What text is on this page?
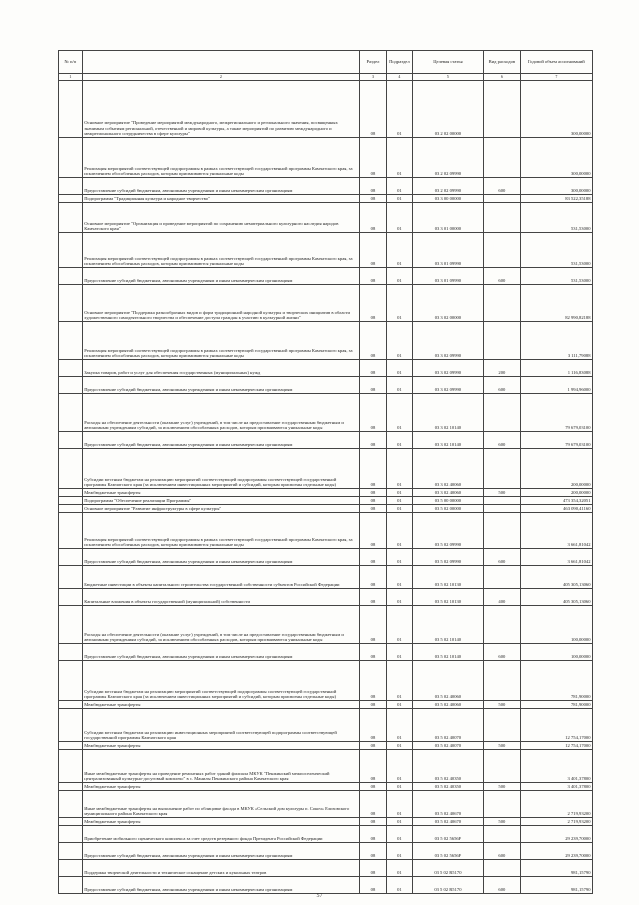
№ п/п		Раздел	Подраздел	Целевая статья	Вид расходов	Годовой объем ассигнований
1	2	3	4	5	6	7
	Основное мероприятие "Проведение мероприятий международного, межрегионального и регионального значения, посвященных значимым событиям региональной, отечественной и мировой культуры, а также мероприятий по развитию международного и межрегионального сотрудничества в сфере культуры"	08	01	03 2 02 00000		300,00000
	Реализация мероприятий соответствующей подпрограммы в рамках соответствующей государственной программы Камчатского края, за исключением обособленных расходов, которым присваиваются уникальные коды	08	01	03 2 02 09990		300,00000
	Предоставление субсидий бюджетным, автономным учреждениям и иным некоммерческим организациям	08	01	03 2 02 09990	600	300,00000
	Подпрограмма "Традиционная культура и народное творчество"	08	01	03 3 00 00000		83 522,35188
	Основное мероприятие "Организация и проведение мероприятий по сохранению нематериального культурного наследия народов Камчатского края"	08	01	03 3 01 00000		531,53000
	Реализация мероприятий соответствующей подпрограммы в рамках соответствующей государственной программы Камчатского края, за исключением обособленных расходов, которым присваиваются уникальные коды	08	01	03 3 01 09990		531,53000
	Предоставление субсидий бюджетным, автономным учреждениям и иным некоммерческим организациям	08	01	03 3 01 09990	600	531,53000
	Основное мероприятие "Поддержка разнообразных видов и форм традиционной народной культуры и творческих инициатив в области художественного самодеятельного творчества и обеспечение доступа граждан к участию в культурной жизни"	08	01	03 3 02 00000		82 990,82188
	Реализация мероприятий соответствующей подпрограммы в рамках соответствующей государственной программы Камчатского края, за исключением обособленных расходов, которым присваиваются уникальные коды	08	01	03 3 02 09990		3 111,79088
	Закупка товаров, работ и услуг для обеспечения государственных (муниципальных) нужд	08	01	03 3 02 09990	200	1 116,83088
	Предоставление субсидий бюджетным, автономным учреждениям и иным некоммерческим организациям	08	01	03 3 02 09990	600	1 994,96000
	Расходы на обеспечение деятельности (оказание услуг) учреждений, в том числе на предоставление государственным бюджетным и автономным учреждениям субсидий, за исключением обособленных расходов, которым присваиваются уникальные коды	08	01	03 3 02 10140		79 679,03100
	Предоставление субсидий бюджетным, автономным учреждениям и иным некоммерческим организациям	08	01	03 3 02 10140	600	79 679,03100
	Субсидии местным бюджетам на реализацию мероприятий соответствующей подпрограммы соответствующей государственной программы Камчатского края (за исключением инвестиционных мероприятий и субсидий, которым присвоены отдельные коды)	08	01	03 3 02 40060		200,00000
	Межбюджетные трансферты	08	01	03 3 02 40060	500	200,00000
	Подпрограмма "Обеспечение реализации Программы"	08	01	03 5 00 00000		473 354,32051
	Основное мероприятие "Развитие инфраструктуры в сфере культуры"	08	01	03 5 02 00000		463 090,41160
	Реализация мероприятий соответствующей подпрограммы в рамках соответствующей государственной программы Камчатского края, за исключением обособленных расходов, которым присваиваются уникальные коды	08	01	03 5 02 09990		3 661,81042
	Предоставление субсидий бюджетным, автономным учреждениям и иным некоммерческим организациям	08	01	03 5 02 09990	600	3 661,81042
	Бюджетные инвестиции в объекты капитального строительства государственной собственности субъектов Российской Федерации	08	01	03 5 02 10130		405 305,13060
	Капитальные вложения в объекты государственной (муниципальной) собственности	08	01	03 5 02 10130	400	405 305,13060
	Расходы на обеспечение деятельности (оказание услуг) учреждений, в том числе на предоставление государственным бюджетным и автономным учреждениям субсидий, за исключением обособленных расходов, которым присваиваются уникальные коды	08	01	03 5 02 10140		100,00000
	Предоставление субсидий бюджетным, автономным учреждениям и иным некоммерческим организациям	08	01	03 5 02 10140	600	100,00000
	Субсидии местным бюджетам на реализацию мероприятий соответствующей подпрограммы соответствующей государственной программы Камчатского края (за исключением инвестиционных мероприятий и субсидий, которым присвоены отдельные коды)	08	01	03 5 02 40060		781,90000
	Межбюджетные трансферты	08	01	03 5 02 40060	500	781,90000
	Субсидии местным бюджетам на реализацию инвестиционных мероприятий соответствующей подпрограммы соответствующей государственной программы Камчатского края	08	01	03 5 02 40070		12 754,17000
	Межбюджетные трансферты	08	01	03 5 02 40070	500	12 754,17000
	Иные межбюджетные трансферты на проведение ремонтных работ зданий филиала МКУК "Пенжинский межпоселенческий централизованный культурно-досуговый комплекс" в с. Манилы Пенжинского района Камчатского края	08	01	03 5 02 40350		3 401,37800
	Межбюджетные трансферты	08	01	03 5 02 40350	500	3 401,37800
	Иные межбюджетные трансферты на выполнение работ по облицовке фасада в МКУК «Сельский дом культуры п. Сокоч» Елизовского муниципального района Камчатского края	08	01	03 5 02 40670		2 719,93200
	Межбюджетные трансферты	08	01	03 5 02 40670	500	2 719,93200
	Приобретение мобильного сценического комплекса за счет средств резервного фонда Президента Российской Федерации	08	01	03 5 02 5656F		29 239,70000
	Предоставление субсидий бюджетным, автономным учреждениям и иным некоммерческим организациям	08	01	03 5 02 5656F	600	29 239,70000
	Поддержка творческой деятельности и техническое оснащение детских и кукольных театров	08	01	03 5 02 R5170		981,15790
	Предоставление субсидий бюджетным, автономным учреждениям и иным некоммерческим организациям	08	01	03 5 02 R5170	600	981,15790
57
